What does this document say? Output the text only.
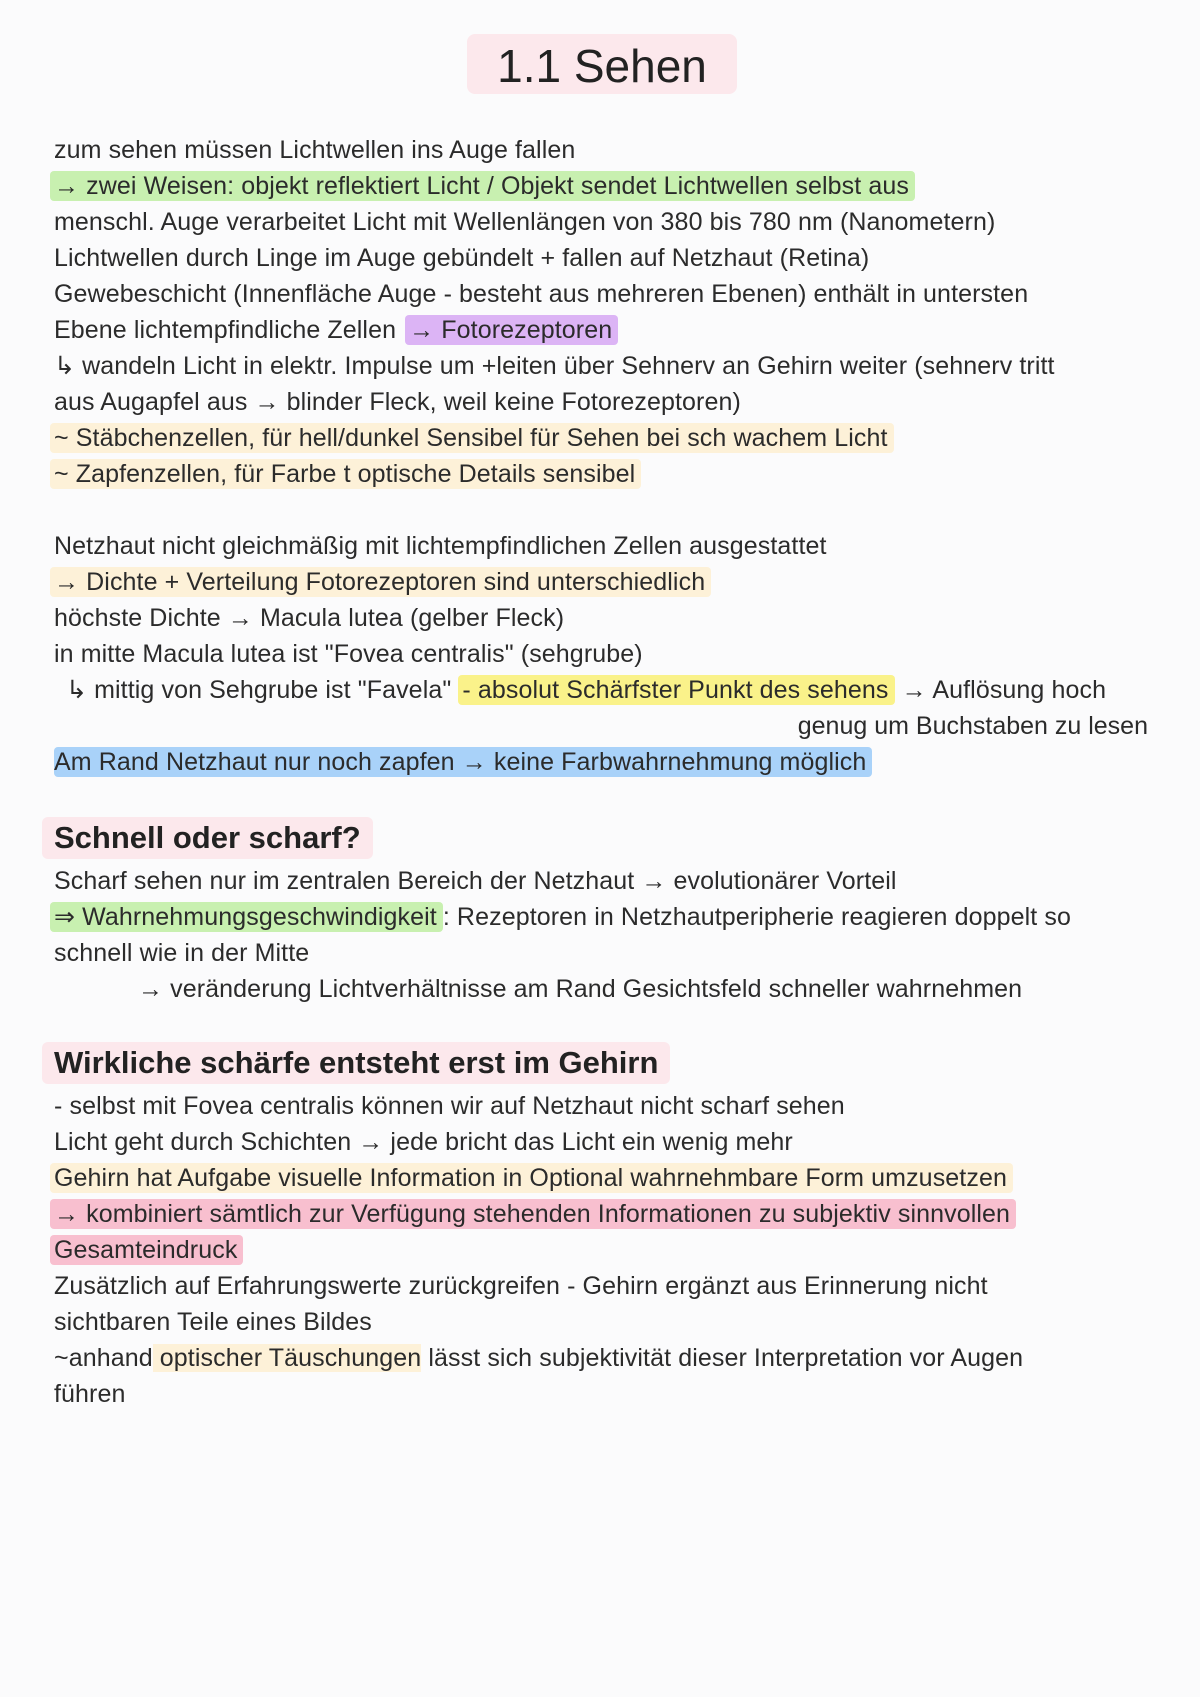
1.1 Sehen
zum sehen müssen Lichtwellen ins Auge fallen
→ zwei Weisen: objekt reflektiert Licht / Objekt sendet Lichtwellen selbst aus
menschl. Auge verarbeitet Licht mit Wellenlängen von 380 bis 780 nm (Nanometern)
Lichtwellen durch Linge im Auge gebündelt + fallen auf Netzhaut (Retina)
Gewebeschicht (Innenfläche Auge - besteht aus mehreren Ebenen) enthält in untersten
Ebene lichtempfindliche Zellen → Fotorezeptoren
↳ wandeln Licht in elektr. Impulse um +leiten über Sehnerv an Gehirn weiter (sehnerv tritt
aus Augapfel aus → blinder Fleck, weil keine Fotorezeptoren)
~ Stäbchenzellen, für hell/dunkel Sensibel für Sehen bei sch wachem Licht
~ Zapfenzellen, für Farbe t optische Details sensibel
Netzhaut nicht gleichmäßig mit lichtempfindlichen Zellen ausgestattet
→ Dichte + Verteilung Fotorezeptoren sind unterschiedlich
höchste Dichte → Macula lutea (gelber Fleck)
in mitte Macula lutea ist "Fovea centralis" (sehgrube)
↳ mittig von Sehgrube ist "Favela" - absolut Schärfster Punkt des sehens → Auflösung hoch
genug um Buchstaben zu lesen
Am Rand Netzhaut nur noch zapfen → keine Farbwahrnehmung möglich
Schnell oder scharf?
Scharf sehen nur im zentralen Bereich der Netzhaut → evolutionärer Vorteil
⇒ Wahrnehmungsgeschwindigkeit : Rezeptoren in Netzhautperipherie reagieren doppelt so
schnell wie in der Mitte
→ veränderung Lichtverhältnisse am Rand Gesichtsfeld schneller wahrnehmen
Wirkliche schärfe entsteht erst im Gehirn
- selbst mit Fovea centralis können wir auf Netzhaut nicht scharf sehen
Licht geht durch Schichten → jede bricht das Licht ein wenig mehr
Gehirn hat Aufgabe visuelle Information in Optional wahrnehmbare Form umzusetzen
→ kombiniert sämtlich zur Verfügung stehenden Informationen zu subjektiv sinnvollen
Gesamteindruck
Zusätzlich auf Erfahrungswerte zurückgreifen - Gehirn ergänzt aus Erinnerung nicht
sichtbaren Teile eines Bildes
~anhand optischer Täuschungen lässt sich subjektivität dieser Interpretation vor Augen
führen
